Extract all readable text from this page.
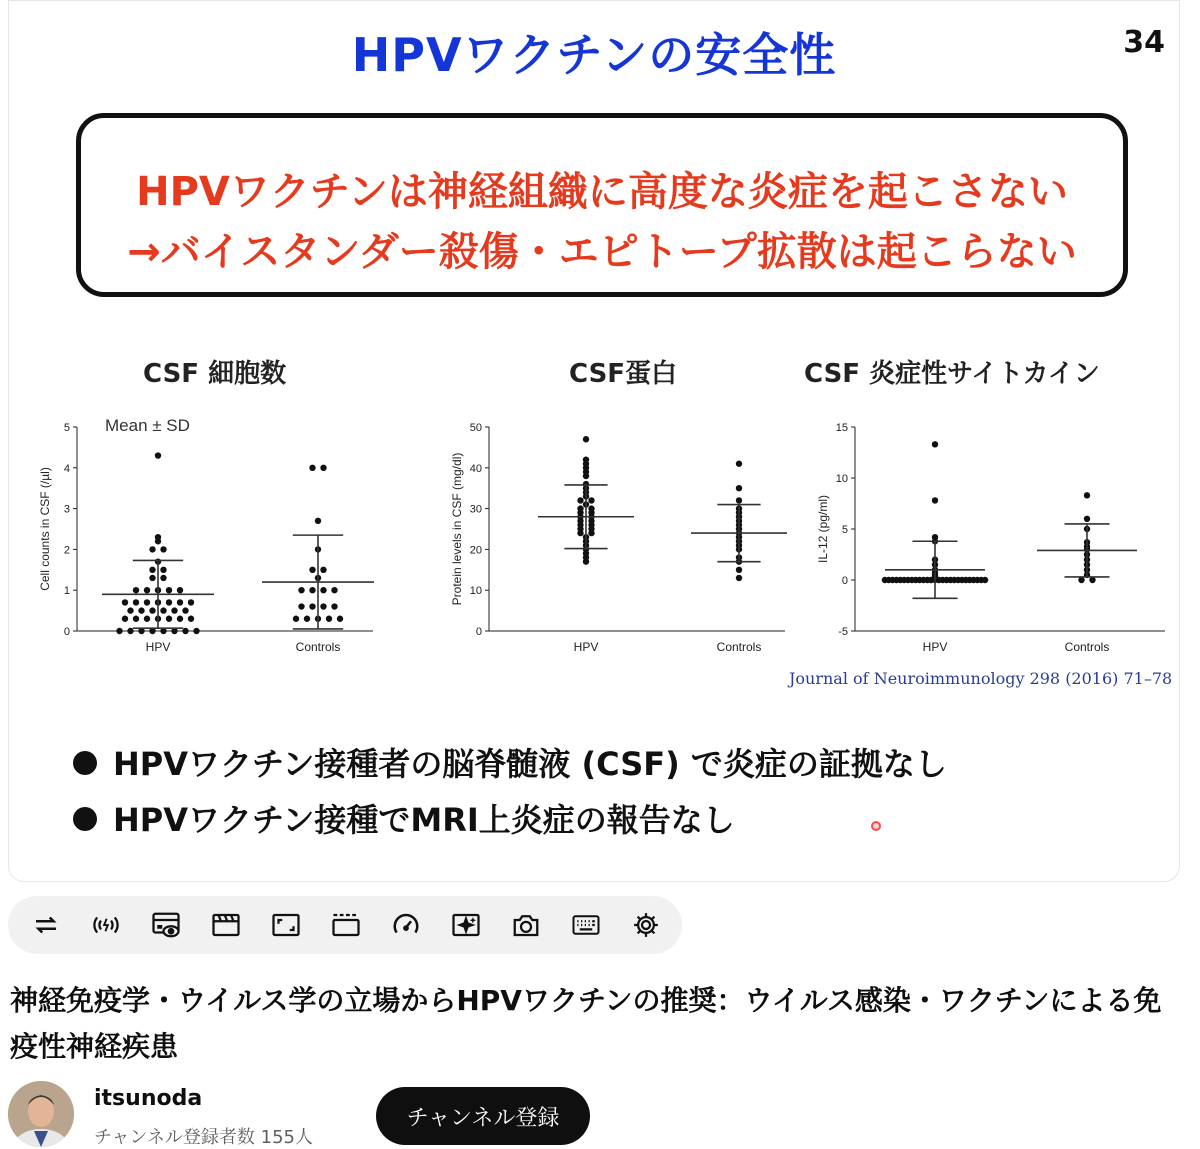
HPVワクチンの安全性	34
HPVワクチンは神経組織に高度な炎症を起こさない
→バイスタンダー殺傷・エピトープ拡散は起こらない
CSF 細胞数	CSF蛋白	CSF 炎症性サイトカイン
0
1
2
3
4
5
Cell counts in CSF (/µl)
Mean ± SD
HPV	Controls
0
10
20
30
40
50
Protein levels in CSF (mg/dl)
HPV	Controls
-5
0
5
10
15
IL-12 (pg/ml)
HPV	Controls
Journal of Neuroimmunology 298 (2016) 71–78
HPVワクチン接種者の脳脊髄液 (CSF) で炎症の証拠なし
HPVワクチン接種でMRI上炎症の報告なし
神経免疫学・ウイルス学の立場からHPVワクチンの推奨：ウイルス感染・ワクチンによる免疫性神経疾患
itsunoda
チャンネル登録者数 155人
チャンネル登録
